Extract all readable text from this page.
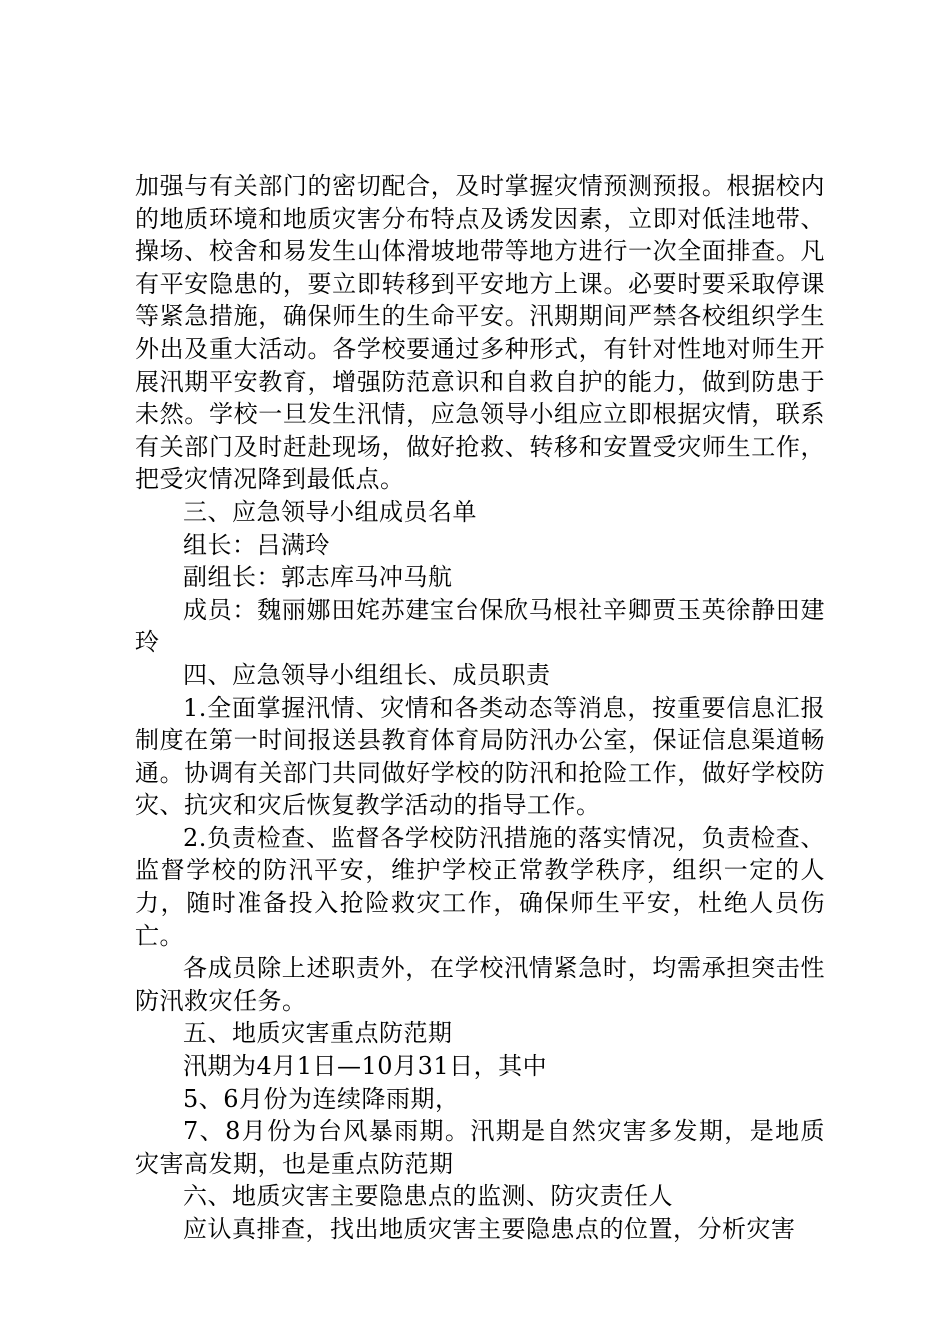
加强与有关部门的密切配合，及时掌握灾情预测预报。根据校内的地质环境和地质灾害分布特点及诱发因素，立即对低洼地带、操场、校舍和易发生山体滑坡地带等地方进行一次全面排查。凡有平安隐患的，要立即转移到平安地方上课。必要时要采取停课等紧急措施，确保师生的生命平安。汛期期间严禁各校组织学生外出及重大活动。各学校要通过多种形式，有针对性地对师生开展汛期平安教育，增强防范意识和自救自护的能力，做到防患于未然。学校一旦发生汛情，应急领导小组应立即根据灾情，联系有关部门及时赶赴现场，做好抢救、转移和安置受灾师生工作，把受灾情况降到最低点。

三、应急领导小组成员名单

组长：吕满玲

副组长：郭志库马冲马航

成员：魏丽娜田姹苏建宝台保欣马根社辛卿贾玉英徐静田建玲

四、应急领导小组组长、成员职责

1.全面掌握汛情、灾情和各类动态等消息，按重要信息汇报制度在第一时间报送县教育体育局防汛办公室，保证信息渠道畅通。协调有关部门共同做好学校的防汛和抢险工作，做好学校防灾、抗灾和灾后恢复教学活动的指导工作。

2.负责检查、监督各学校防汛措施的落实情况，负责检查、监督学校的防汛平安，维护学校正常教学秩序，组织一定的人力，随时准备投入抢险救灾工作，确保师生平安，杜绝人员伤亡。

各成员除上述职责外，在学校汛情紧急时，均需承担突击性防汛救灾任务。

五、地质灾害重点防范期

汛期为4月1日—10月31日，其中

5、6月份为连续降雨期，

7、8月份为台风暴雨期。汛期是自然灾害多发期，是地质灾害高发期，也是重点防范期

六、地质灾害主要隐患点的监测、防灾责任人

应认真排查，找出地质灾害主要隐患点的位置，分析灾害
